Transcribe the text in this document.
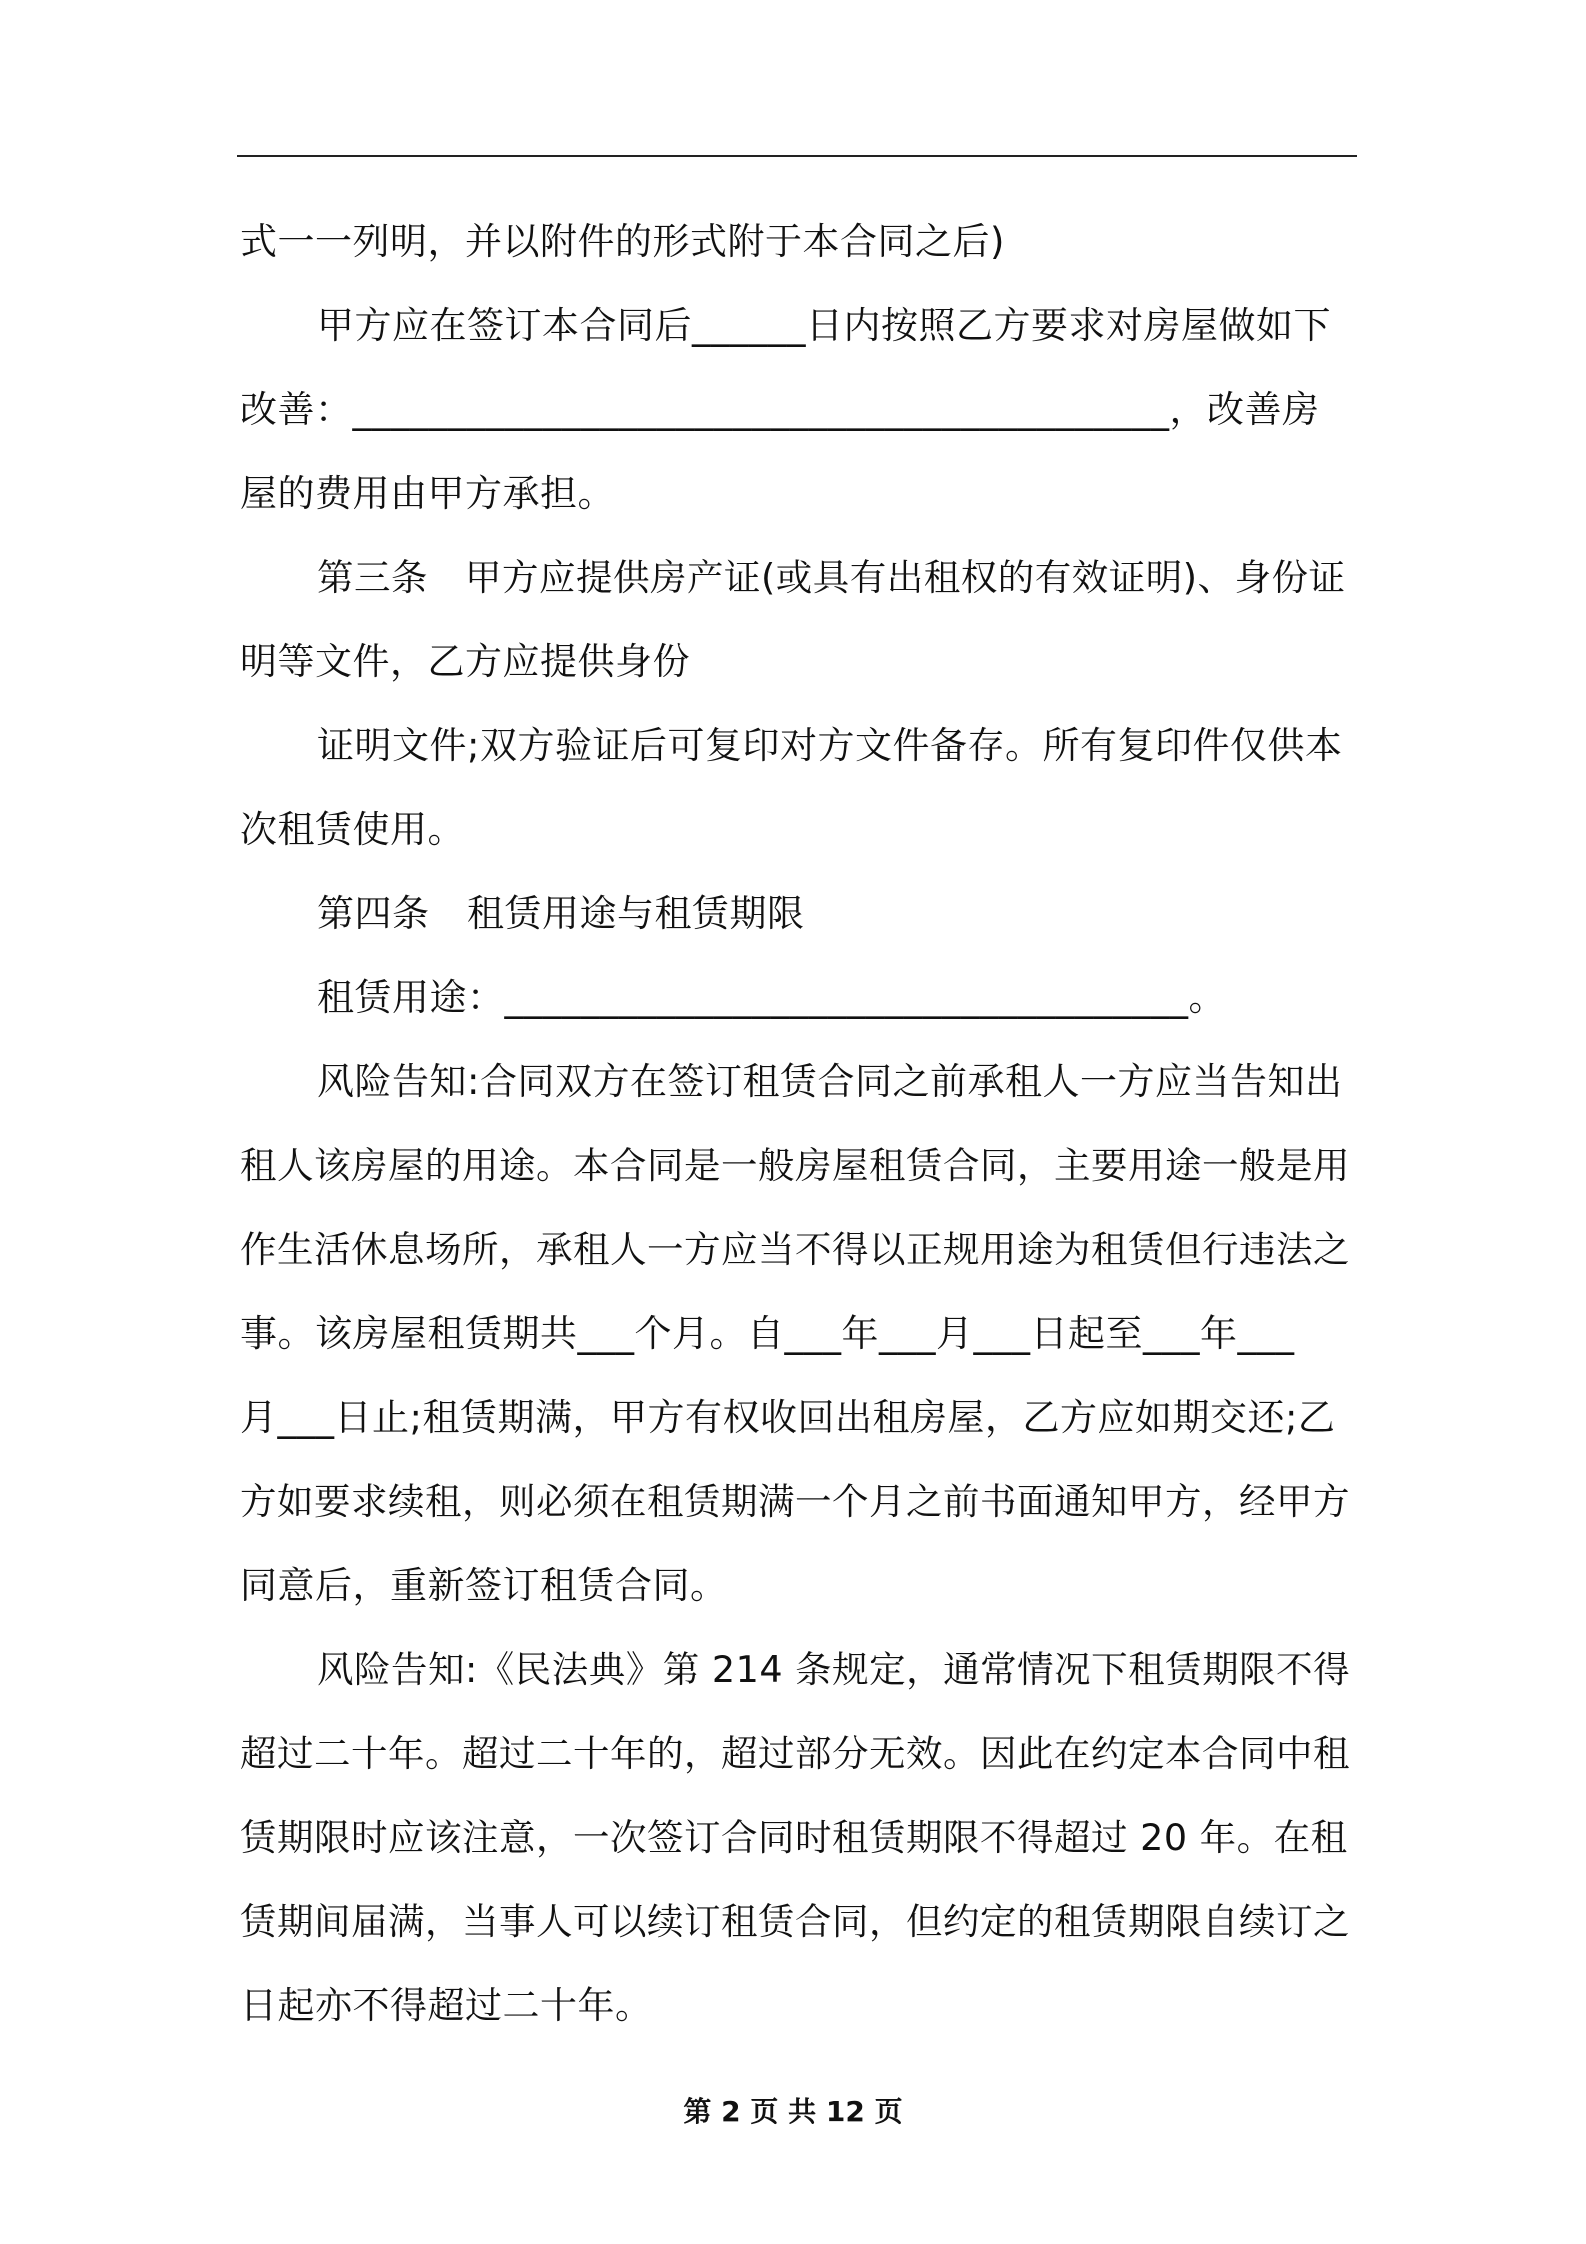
式一一列明，并以附件的形式附于本合同之后)
甲方应在签订本合同后______日内按照乙方要求对房屋做如下
改善：___________________________________________，改善房
屋的费用由甲方承担。
第三条　甲方应提供房产证(或具有出租权的有效证明)、身份证
明等文件，乙方应提供身份
证明文件;双方验证后可复印对方文件备存。所有复印件仅供本
次租赁使用。
第四条　租赁用途与租赁期限
租赁用途：____________________________________。
风险告知:合同双方在签订租赁合同之前承租人一方应当告知出
租人该房屋的用途。本合同是一般房屋租赁合同，主要用途一般是用
作生活休息场所，承租人一方应当不得以正规用途为租赁但行违法之
事。该房屋租赁期共___个月。自___年___月___日起至___年___
月___日止;租赁期满，甲方有权收回出租房屋，乙方应如期交还;乙
方如要求续租，则必须在租赁期满一个月之前书面通知甲方，经甲方
同意后，重新签订租赁合同。
风险告知:《民法典》第 214 条规定，通常情况下租赁期限不得
超过二十年。超过二十年的，超过部分无效。因此在约定本合同中租
赁期限时应该注意，一次签订合同时租赁期限不得超过 20 年。在租
赁期间届满，当事人可以续订租赁合同，但约定的租赁期限自续订之
日起亦不得超过二十年。
第 2 页 共 12 页
